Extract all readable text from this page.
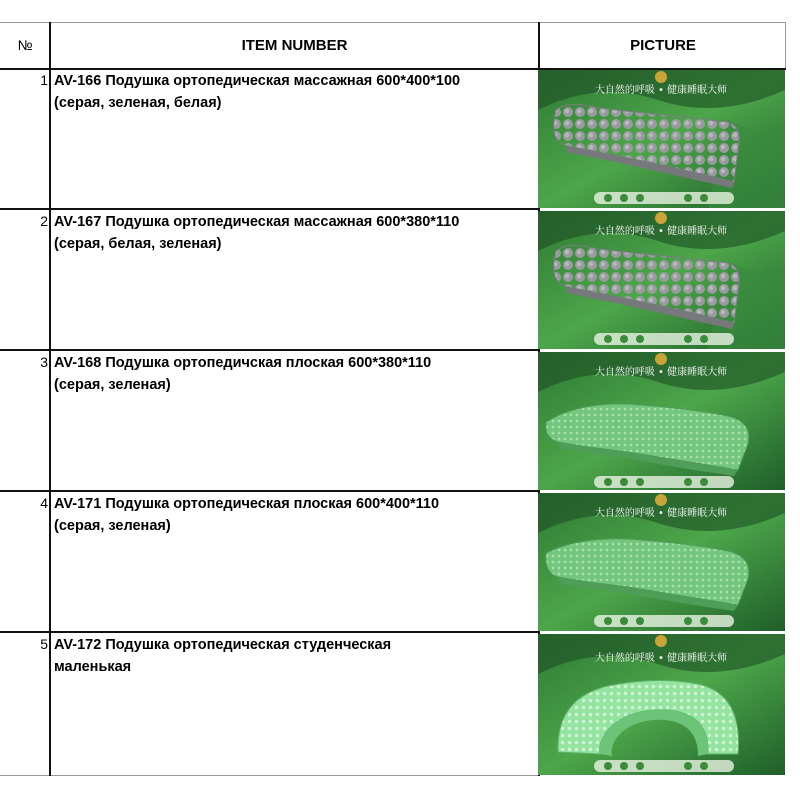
№	ITEM NUMBER	PICTURE
1 AV-166 Подушка ортопедическая массажная 600*400*100
(серая, зеленая, белая)
大自然的呼吸 • 健康睡眠大师
2 AV-167 Подушка ортопедическая массажная 600*380*110
(серая, белая, зеленая)
大自然的呼吸 • 健康睡眠大师
3 AV-168 Подушка ортопедичская плоская 600*380*110
(серая, зеленая)
大自然的呼吸 • 健康睡眠大师
4 AV-171 Подушка ортопедическая плоская 600*400*110
(серая, зеленая)
大自然的呼吸 • 健康睡眠大师
5 AV-172 Подушка ортопедическая студенческая
маленькая
大自然的呼吸 • 健康睡眠大师
